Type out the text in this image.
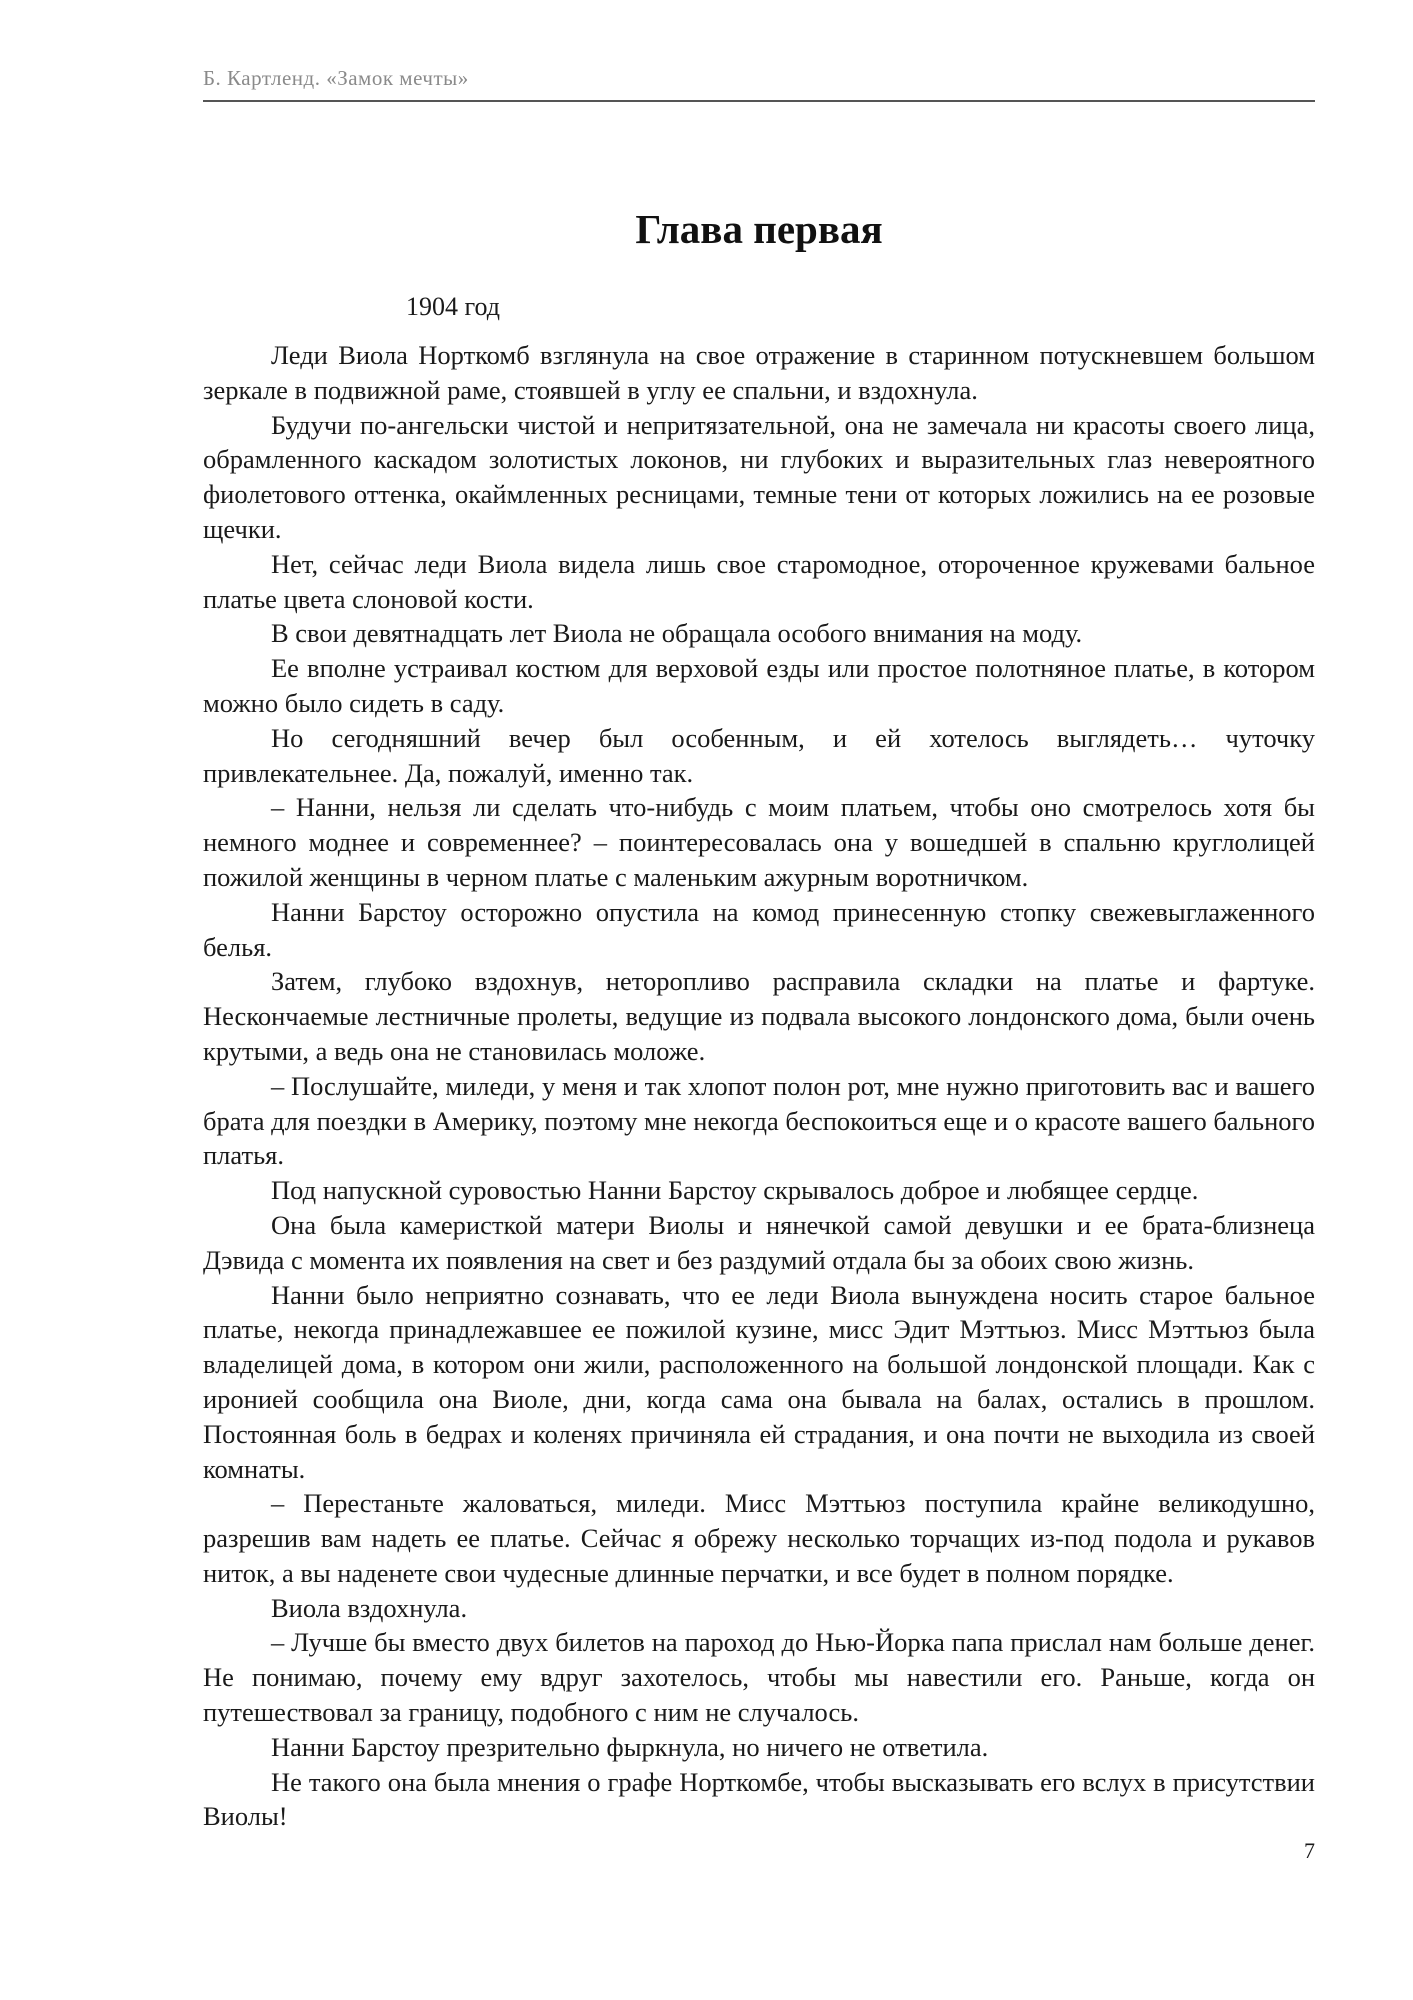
Б. Картленд. «Замок мечты»
Глава первая
1904 год

Леди Виола Норткомб взглянула на свое отражение в старинном потускневшем большом зеркале в подвижной раме, стоявшей в углу ее спальни, и вздохнула.

Будучи по-ангельски чистой и непритязательной, она не замечала ни красоты своего лица, обрамленного каскадом золотистых локонов, ни глубоких и выразительных глаз невероятного фиолетового оттенка, окаймленных ресницами, темные тени от которых ложились на ее розовые щечки.

Нет, сейчас леди Виола видела лишь свое старомодное, отороченное кружевами бальное платье цвета слоновой кости.

В свои девятнадцать лет Виола не обращала особого внимания на моду.

Ее вполне устраивал костюм для верховой езды или простое полотняное платье, в котором можно было сидеть в саду.

Но сегодняшний вечер был особенным, и ей хотелось выглядеть… чуточку привлекательнее. Да, пожалуй, именно так.

– Нанни, нельзя ли сделать что-нибудь с моим платьем, чтобы оно смотрелось хотя бы немного моднее и современнее? – поинтересовалась она у вошедшей в спальню круглолицей пожилой женщины в черном платье с маленьким ажурным воротничком.

Нанни Барстоу осторожно опустила на комод принесенную стопку свежевыглаженного белья.

Затем, глубоко вздохнув, неторопливо расправила складки на платье и фартуке. Нескончаемые лестничные пролеты, ведущие из подвала высокого лондонского дома, были очень крутыми, а ведь она не становилась моложе.

– Послушайте, миледи, у меня и так хлопот полон рот, мне нужно приготовить вас и вашего брата для поездки в Америку, поэтому мне некогда беспокоиться еще и о красоте вашего бального платья.

Под напускной суровостью Нанни Барстоу скрывалось доброе и любящее сердце.

Она была камеристкой матери Виолы и нянечкой самой девушки и ее брата-близнеца Дэвида с момента их появления на свет и без раздумий отдала бы за обоих свою жизнь.

Нанни было неприятно сознавать, что ее леди Виола вынуждена носить старое бальное платье, некогда принадлежавшее ее пожилой кузине, мисс Эдит Мэттьюз. Мисс Мэттьюз была владелицей дома, в котором они жили, расположенного на большой лондонской площади. Как с иронией сообщила она Виоле, дни, когда сама она бывала на балах, остались в прошлом. Постоянная боль в бедрах и коленях причиняла ей страдания, и она почти не выходила из своей комнаты.

– Перестаньте жаловаться, миледи. Мисс Мэттьюз поступила крайне великодушно, разрешив вам надеть ее платье. Сейчас я обрежу несколько торчащих из-под подола и рукавов ниток, а вы наденете свои чудесные длинные перчатки, и все будет в полном порядке.

Виола вздохнула.

– Лучше бы вместо двух билетов на пароход до Нью-Йорка папа прислал нам больше денег. Не понимаю, почему ему вдруг захотелось, чтобы мы навестили его. Раньше, когда он путешествовал за границу, подобного с ним не случалось.

Нанни Барстоу презрительно фыркнула, но ничего не ответила.

Не такого она была мнения о графе Норткомбе, чтобы высказывать его вслух в присутствии Виолы!

7
